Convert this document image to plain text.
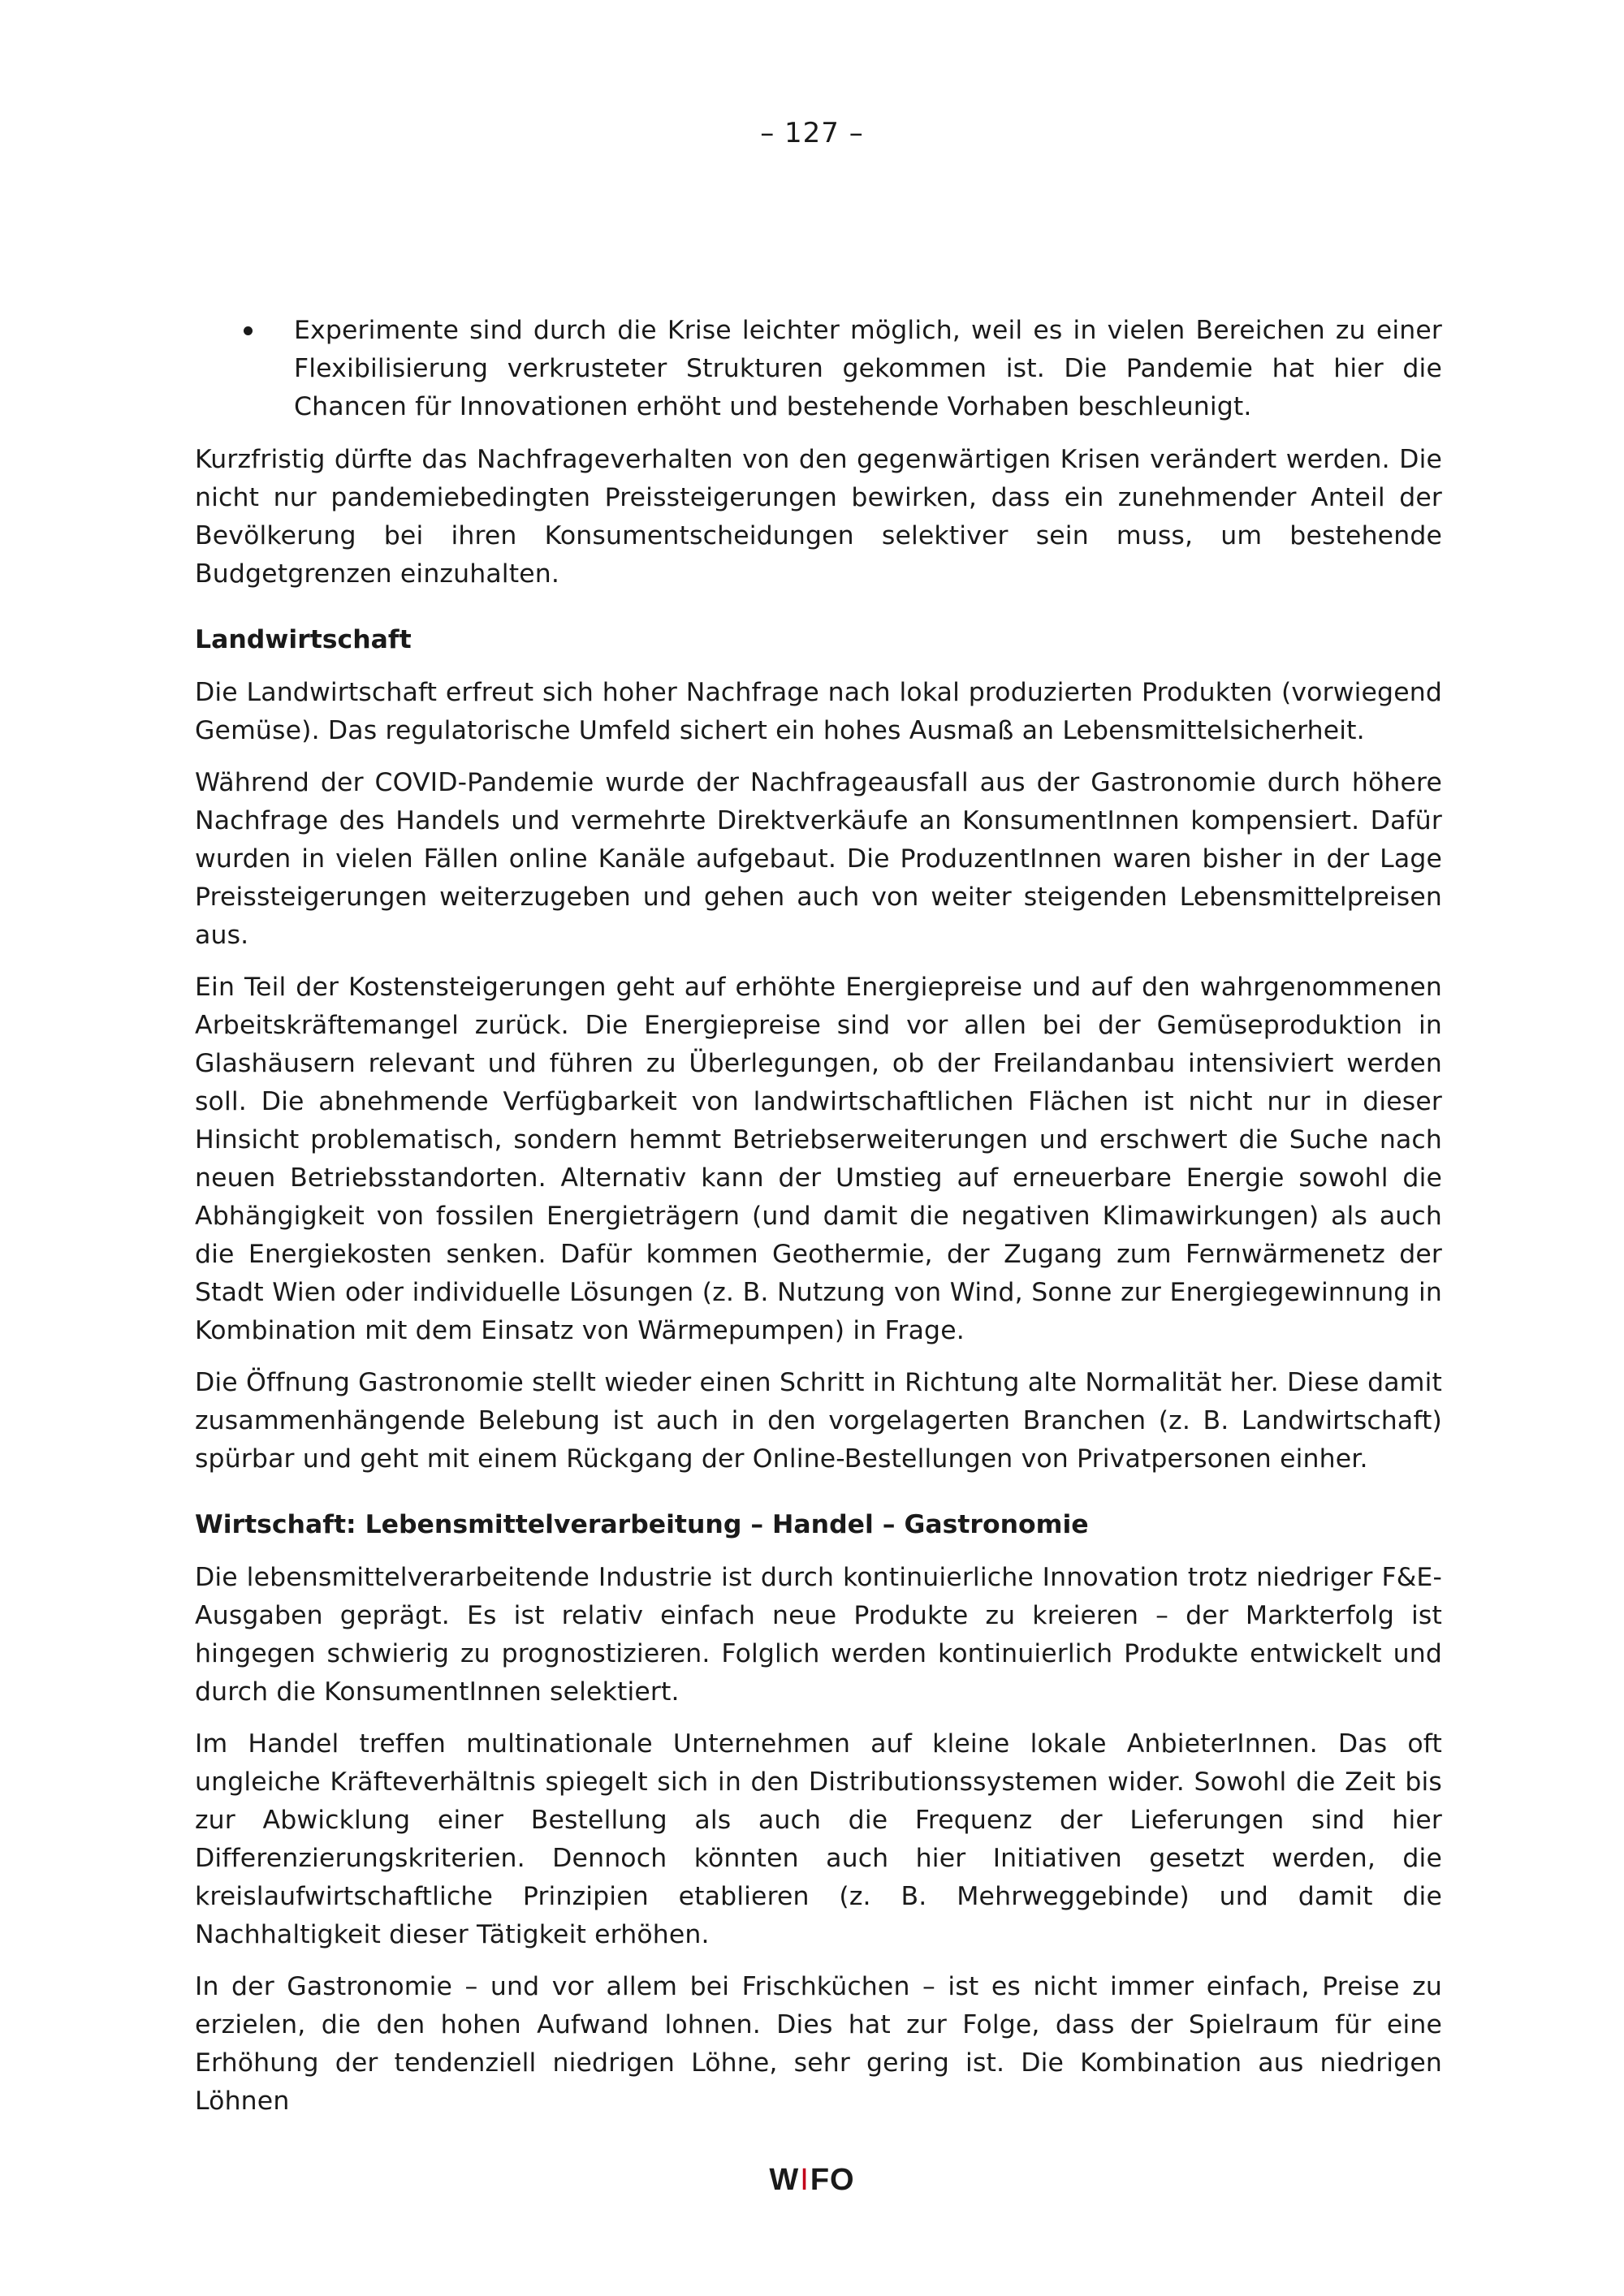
– 127 –
Experimente sind durch die Krise leichter möglich, weil es in vielen Bereichen zu einer Flexibilisierung verkrusteter Strukturen gekommen ist. Die Pandemie hat hier die Chancen für Innovationen erhöht und bestehende Vorhaben beschleunigt.

Kurzfristig dürfte das Nachfrageverhalten von den gegenwärtigen Krisen verändert werden. Die nicht nur pandemiebedingten Preissteigerungen bewirken, dass ein zunehmender Anteil der Bevölkerung bei ihren Konsumentscheidungen selektiver sein muss, um bestehende Budgetgrenzen einzuhalten.

Landwirtschaft

Die Landwirtschaft erfreut sich hoher Nachfrage nach lokal produzierten Produkten (vorwiegend Gemüse). Das regulatorische Umfeld sichert ein hohes Ausmaß an Lebensmittelsicherheit.

Während der COVID-Pandemie wurde der Nachfrageausfall aus der Gastronomie durch höhere Nachfrage des Handels und vermehrte Direktverkäufe an KonsumentInnen kompensiert. Dafür wurden in vielen Fällen online Kanäle aufgebaut. Die ProduzentInnen waren bisher in der Lage Preissteigerungen weiterzugeben und gehen auch von weiter steigenden Lebensmittelpreisen aus.

Ein Teil der Kostensteigerungen geht auf erhöhte Energiepreise und auf den wahrgenommenen Arbeitskräftemangel zurück. Die Energiepreise sind vor allen bei der Gemüseproduktion in Glashäusern relevant und führen zu Überlegungen, ob der Freilandanbau intensiviert werden soll. Die abnehmende Verfügbarkeit von landwirtschaftlichen Flächen ist nicht nur in dieser Hinsicht problematisch, sondern hemmt Betriebserweiterungen und erschwert die Suche nach neuen Betriebsstandorten. Alternativ kann der Umstieg auf erneuerbare Energie sowohl die Abhängigkeit von fossilen Energieträgern (und damit die negativen Klimawirkungen) als auch die Energiekosten senken. Dafür kommen Geothermie, der Zugang zum Fernwärmenetz der Stadt Wien oder individuelle Lösungen (z. B. Nutzung von Wind, Sonne zur Energiegewinnung in Kombination mit dem Einsatz von Wärmepumpen) in Frage.

Die Öffnung Gastronomie stellt wieder einen Schritt in Richtung alte Normalität her. Diese damit zusammenhängende Belebung ist auch in den vorgelagerten Branchen (z. B. Landwirtschaft) spürbar und geht mit einem Rückgang der Online-Bestellungen von Privatpersonen einher.

Wirtschaft: Lebensmittelverarbeitung – Handel – Gastronomie

Die lebensmittelverarbeitende Industrie ist durch kontinuierliche Innovation trotz niedriger F&E-Ausgaben geprägt. Es ist relativ einfach neue Produkte zu kreieren – der Markterfolg ist hingegen schwierig zu prognostizieren. Folglich werden kontinuierlich Produkte entwickelt und durch die KonsumentInnen selektiert.

Im Handel treffen multinationale Unternehmen auf kleine lokale AnbieterInnen. Das oft ungleiche Kräfteverhältnis spiegelt sich in den Distributionssystemen wider. Sowohl die Zeit bis zur Abwicklung einer Bestellung als auch die Frequenz der Lieferungen sind hier Differenzierungskriterien. Dennoch könnten auch hier Initiativen gesetzt werden, die kreislaufwirtschaftliche Prinzipien etablieren (z. B. Mehrweggebinde) und damit die Nachhaltigkeit dieser Tätigkeit erhöhen.

In der Gastronomie – und vor allem bei Frischküchen – ist es nicht immer einfach, Preise zu erzielen, die den hohen Aufwand lohnen. Dies hat zur Folge, dass der Spielraum für eine Erhöhung der tendenziell niedrigen Löhne, sehr gering ist. Die Kombination aus niedrigen Löhnen

WIFO
